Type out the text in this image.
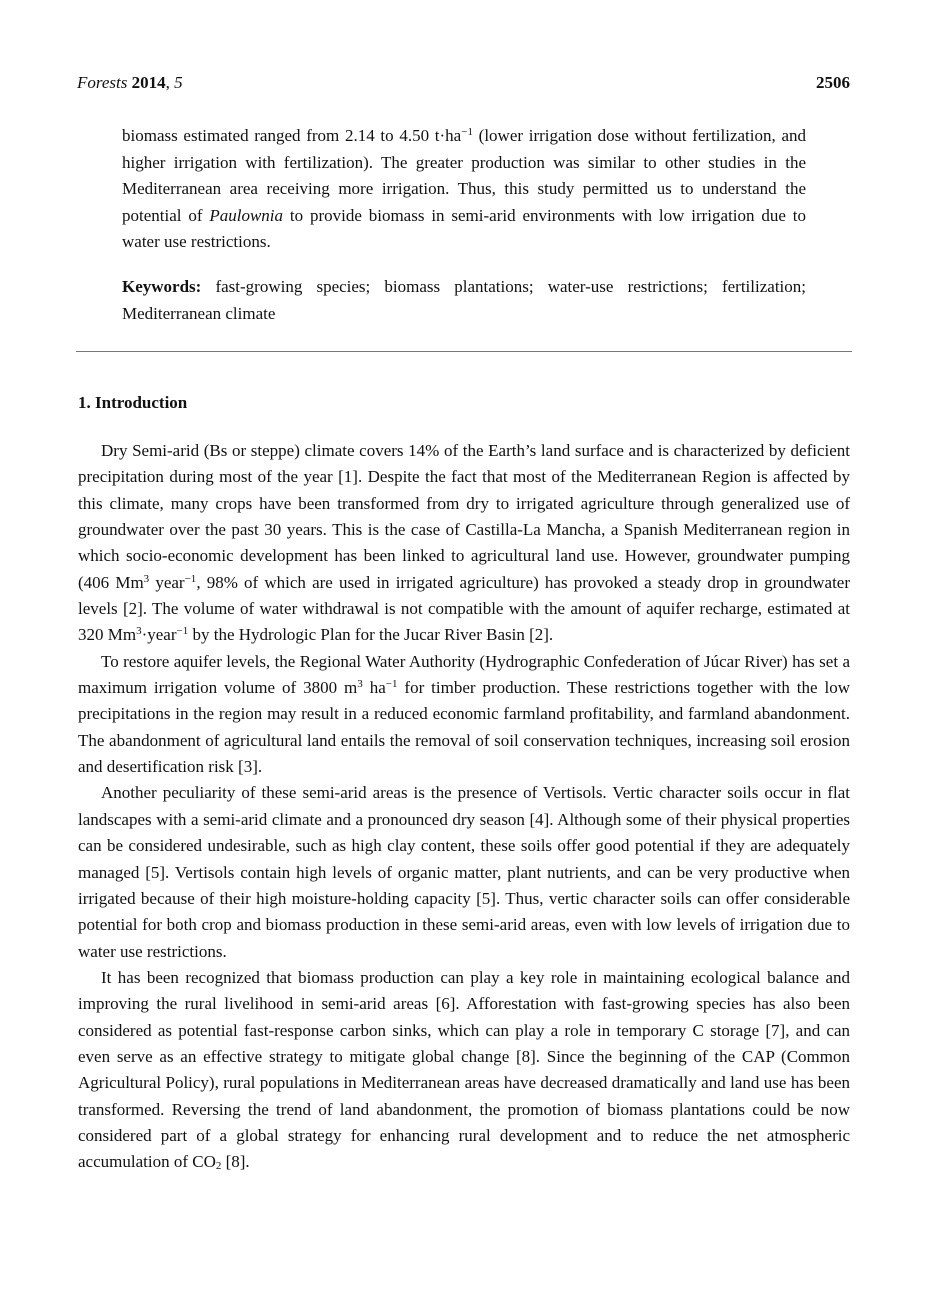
Forests 2014, 5	2506

biomass estimated ranged from 2.14 to 4.50 $t\cdot ha^{-1}$ (lower irrigation dose without fertilization, and higher irrigation with fertilization). The greater production was similar to other studies in the Mediterranean area receiving more irrigation. Thus, this study permitted us to understand the potential of Paulownia to provide biomass in semi-arid environments with low irrigation due to water use restrictions.

Keywords: fast-growing species; biomass plantations; water-use restrictions; fertilization; Mediterranean climate

1. Introduction

Dry Semi-arid (Bs or steppe) climate covers 14% of the Earth’s land surface and is characterized by deficient precipitation during most of the year [1]. Despite the fact that most of the Mediterranean Region is affected by this climate, many crops have been transformed from dry to irrigated agriculture through generalized use of groundwater over the past 30 years. This is the case of Castilla-La Mancha, a Spanish Mediterranean region in which socio-economic development has been linked to agricultural land use. However, groundwater pumping (406 Mm$^3$ year$^{-1}$, 98% of which are used in irrigated agriculture) has provoked a steady drop in groundwater levels [2]. The volume of water withdrawal is not compatible with the amount of aquifer recharge, estimated at 320 $Mm^3\cdot year^{-1}$ by the Hydrologic Plan for the Jucar River Basin [2].

To restore aquifer levels, the Regional Water Authority (Hydrographic Confederation of Júcar River) has set a maximum irrigation volume of 3800 $m^3$ $ha^{-1}$ for timber production. These restrictions together with the low precipitations in the region may result in a reduced economic farmland profitability, and farmland abandonment. The abandonment of agricultural land entails the removal of soil conservation techniques, increasing soil erosion and desertification risk [3].

Another peculiarity of these semi-arid areas is the presence of Vertisols. Vertic character soils occur in flat landscapes with a semi-arid climate and a pronounced dry season [4]. Although some of their physical properties can be considered undesirable, such as high clay content, these soils offer good potential if they are adequately managed [5]. Vertisols contain high levels of organic matter, plant nutrients, and can be very productive when irrigated because of their high moisture-holding capacity [5]. Thus, vertic character soils can offer considerable potential for both crop and biomass production in these semi-arid areas, even with low levels of irrigation due to water use restrictions.

It has been recognized that biomass production can play a key role in maintaining ecological balance and improving the rural livelihood in semi-arid areas [6]. Afforestation with fast-growing species has also been considered as potential fast-response carbon sinks, which can play a role in temporary C storage [7], and can even serve as an effective strategy to mitigate global change [8]. Since the beginning of the CAP (Common Agricultural Policy), rural populations in Mediterranean areas have decreased dramatically and land use has been transformed. Reversing the trend of land abandonment, the promotion of biomass plantations could be now considered part of a global strategy for enhancing rural development and to reduce the net atmospheric accumulation of $CO_2$ [8].
